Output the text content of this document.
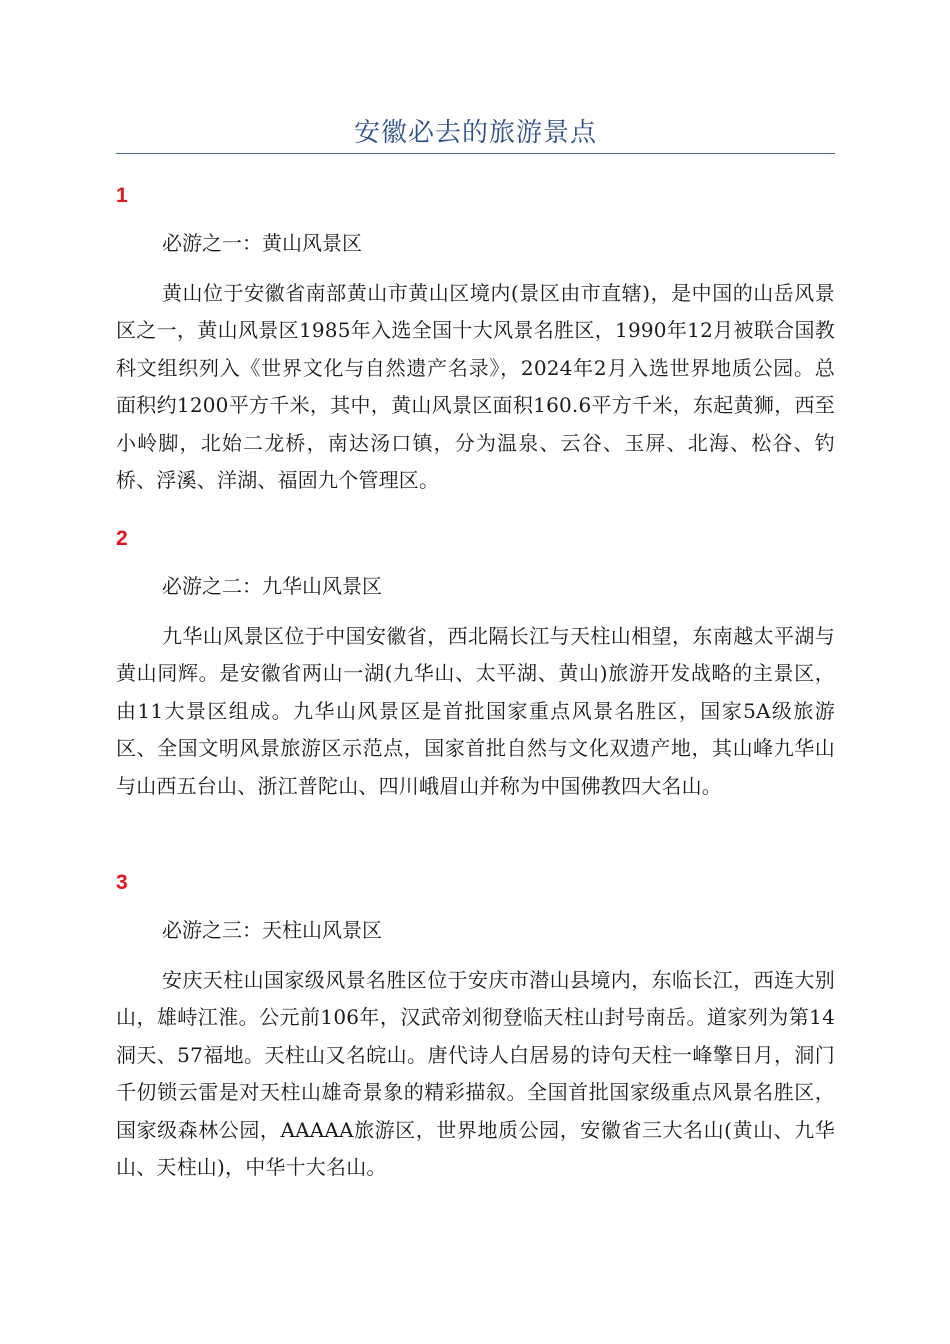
安徽必去的旅游景点
1
必游之一：黄山风景区
黄山位于安徽省南部黄山市黄山区境内(景区由市直辖)，是中国的山岳风景区之一，黄山风景区1985年入选全国十大风景名胜区，1990年12月被联合国教科文组织列入《世界文化与自然遗产名录》，2024年2月入选世界地质公园。总面积约1200平方千米，其中，黄山风景区面积160.6平方千米，东起黄狮，西至小岭脚，北始二龙桥，南达汤口镇，分为温泉、云谷、玉屏、北海、松谷、钓桥、浮溪、洋湖、福固九个管理区。
2
必游之二：九华山风景区
九华山风景区位于中国安徽省，西北隔长江与天柱山相望，东南越太平湖与黄山同辉。是安徽省两山一湖(九华山、太平湖、黄山)旅游开发战略的主景区，由11大景区组成。九华山风景区是首批国家重点风景名胜区，国家5A级旅游区、全国文明风景旅游区示范点，国家首批自然与文化双遗产地，其山峰九华山与山西五台山、浙江普陀山、四川峨眉山并称为中国佛教四大名山。
3
必游之三：天柱山风景区
安庆天柱山国家级风景名胜区位于安庆市潜山县境内，东临长江，西连大别山，雄峙江淮。公元前106年，汉武帝刘彻登临天柱山封号南岳。道家列为第14洞天、57福地。天柱山又名皖山。唐代诗人白居易的诗句天柱一峰擎日月，洞门千仞锁云雷是对天柱山雄奇景象的精彩描叙。全国首批国家级重点风景名胜区，国家级森林公园，AAAAA旅游区，世界地质公园，安徽省三大名山(黄山、九华山、天柱山)，中华十大名山。
